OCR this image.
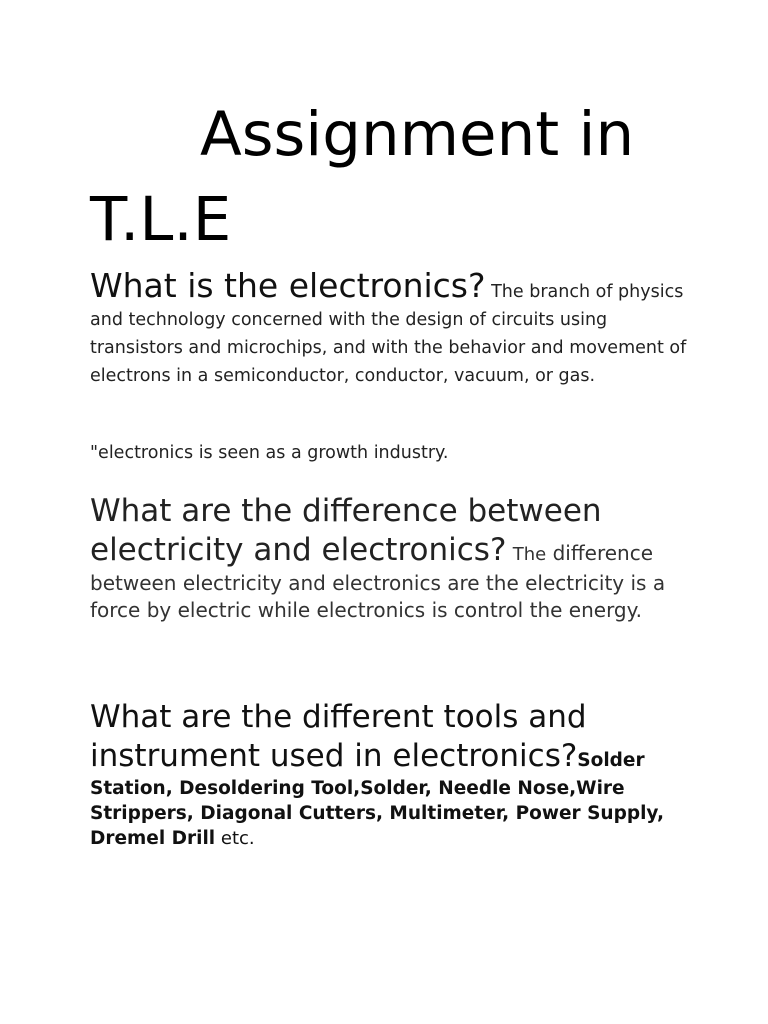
Assignment in T.L.E

What is the electronics? The branch of physics and technology concerned with the design of circuits using transistors and microchips, and with the behavior and movement of electrons in a semiconductor, conductor, vacuum, or gas.

"electronics is seen as a growth industry.

What are the difference between electricity and electronics? The difference between electricity and electronics are the electricity is a force by electric while electronics is control the energy.

What are the different tools and instrument used in electronics?Solder Station, Desoldering Tool,Solder, Needle Nose,Wire Strippers, Diagonal Cutters, Multimeter, Power Supply, Dremel Drill etc.
